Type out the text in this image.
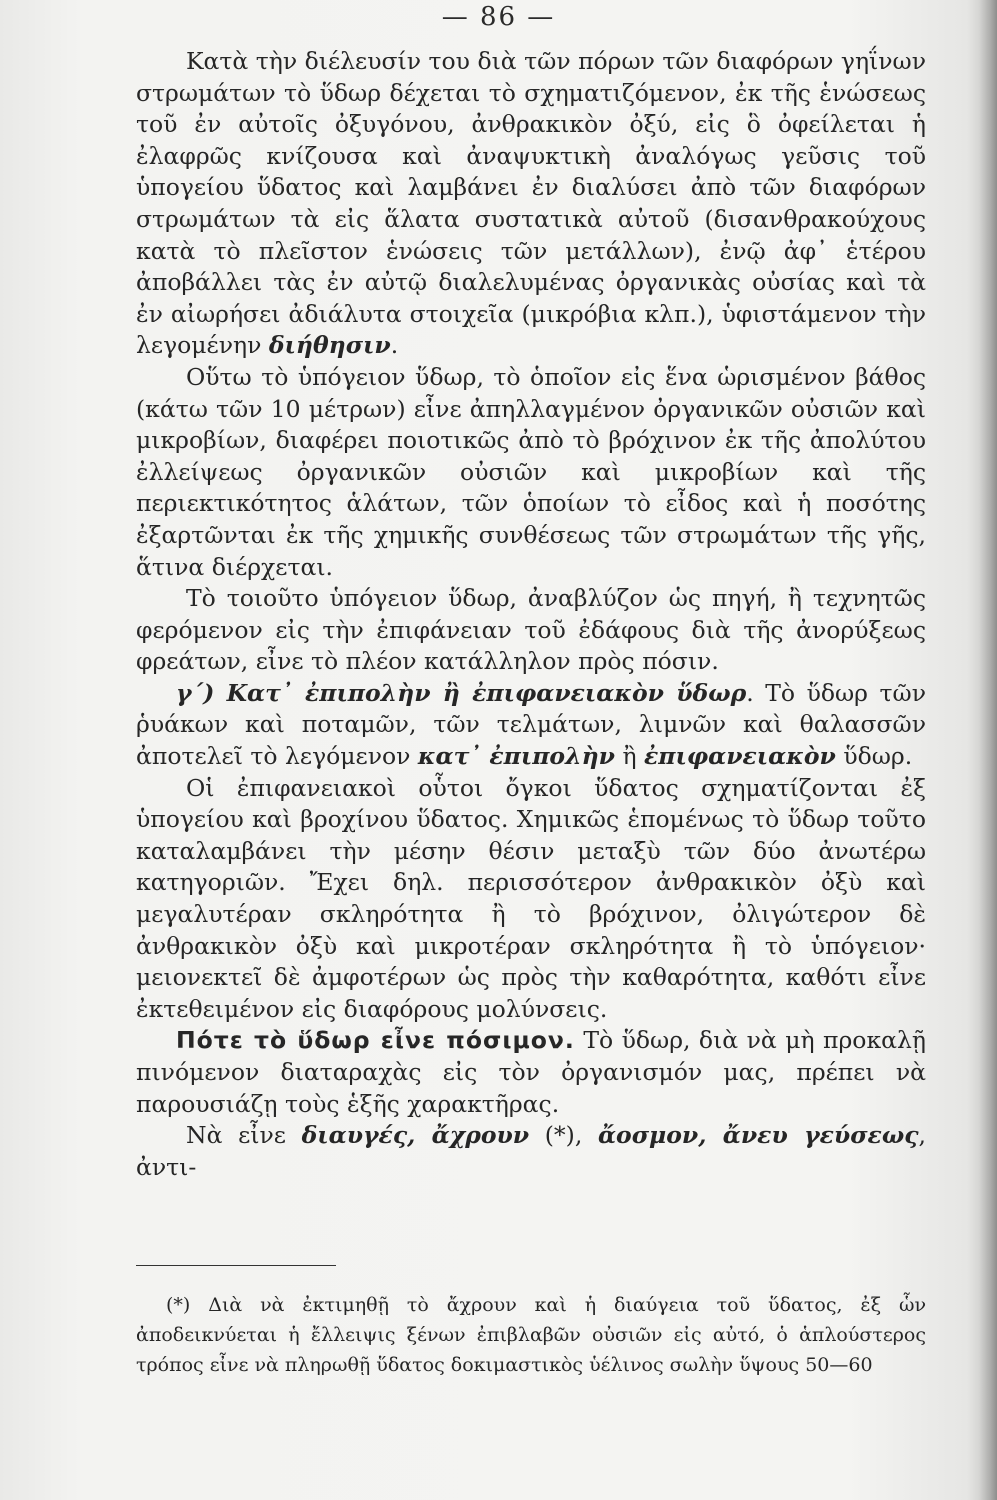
— 86 —

Κατὰ τὴν διέλευσίν του διὰ τῶν πόρων τῶν διαφόρων γηΐνων στρωμάτων τὸ ὕδωρ δέχεται τὸ σχηματιζόμενον, ἐκ τῆς ἑνώσεως τοῦ ἐν αὐτοῖς ὀξυγόνου, ἀνθρακικὸν ὀξύ, εἰς ὃ ὀφείλεται ἡ ἐλαφρῶς κνίζουσα καὶ ἀναψυκτικὴ ἀναλόγως γεῦσις τοῦ ὑπογείου ὕδατος καὶ λαμβάνει ἐν διαλύσει ἀπὸ τῶν διαφόρων στρωμάτων τὰ εἰς ἅλατα συστατικὰ αὐτοῦ (δισανθρακούχους κατὰ τὸ πλεῖστον ἑνώσεις τῶν μετάλλων), ἐνῷ ἀφ᾽ ἑτέρου ἀποβάλλει τὰς ἐν αὐτῷ διαλελυμένας ὀργανικὰς οὐσίας καὶ τὰ ἐν αἰωρήσει ἀδιάλυτα στοιχεῖα (μικρόβια κλπ.), ὑφιστάμενον τὴν λεγομένην διήθησιν.

Οὕτω τὸ ὑπόγειον ὕδωρ, τὸ ὁποῖον εἰς ἕνα ὡρισμένον βάθος (κάτω τῶν 10 μέτρων) εἶνε ἀπηλλαγμένον ὀργανικῶν οὐσιῶν καὶ μικροβίων, διαφέρει ποιοτικῶς ἀπὸ τὸ βρόχινον ἐκ τῆς ἀπολύτου ἐλλείψεως ὀργανικῶν οὐσιῶν καὶ μικροβίων καὶ τῆς περιεκτικότητος ἁλάτων, τῶν ὁποίων τὸ εἶδος καὶ ἡ ποσότης ἐξαρτῶνται ἐκ τῆς χημικῆς συνθέσεως τῶν στρωμάτων τῆς γῆς, ἅτινα διέρχεται.

Τὸ τοιοῦτο ὑπόγειον ὕδωρ, ἀναβλύζον ὡς πηγή, ἢ τεχνητῶς φερόμενον εἰς τὴν ἐπιφάνειαν τοῦ ἐδάφους διὰ τῆς ἀνορύξεως φρεάτων, εἶνε τὸ πλέον κατάλληλον πρὸς πόσιν.

γ´) Κατ᾽ ἐπιπολὴν ἢ ἐπιφανειακὸν ὕδωρ. Τὸ ὕδωρ τῶν ῥυάκων καὶ ποταμῶν, τῶν τελμάτων, λιμνῶν καὶ θαλασσῶν ἀποτελεῖ τὸ λεγόμενον κατ᾽ ἐπιπολὴν ἢ ἐπιφανειακὸν ὕδωρ.

Οἱ ἐπιφανειακοὶ οὗτοι ὄγκοι ὕδατος σχηματίζονται ἐξ ὑπογείου καὶ βροχίνου ὕδατος. Χημικῶς ἑπομένως τὸ ὕδωρ τοῦτο καταλαμβάνει τὴν μέσην θέσιν μεταξὺ τῶν δύο ἀνωτέρω κατηγοριῶν. Ἔχει δηλ. περισσότερον ἀνθρακικὸν ὀξὺ καὶ μεγαλυτέραν σκληρότητα ἢ τὸ βρόχινον, ὀλιγώτερον δὲ ἀνθρακικὸν ὀξὺ καὶ μικροτέραν σκληρότητα ἢ τὸ ὑπόγειον· μειονεκτεῖ δὲ ἀμφοτέρων ὡς πρὸς τὴν καθαρότητα, καθότι εἶνε ἐκτεθειμένον εἰς διαφόρους μολύνσεις.

Πότε τὸ ὕδωρ εἶνε πόσιμον. Τὸ ὕδωρ, διὰ νὰ μὴ προκαλῇ πινόμενον διαταραχὰς εἰς τὸν ὀργανισμόν μας, πρέπει νὰ παρουσιάζῃ τοὺς ἑξῆς χαρακτῆρας.

Νὰ εἶνε διαυγές, ἄχρουν (*), ἄοσμον, ἄνευ γεύσεως, ἀντι-

(*) Διὰ νὰ ἐκτιμηθῇ τὸ ἄχρουν καὶ ἡ διαύγεια τοῦ ὕδατος, ἐξ ὧν ἀποδεικνύεται ἡ ἔλλειψις ξένων ἐπιβλαβῶν οὐσιῶν εἰς αὐτό, ὁ ἁπλούστερος τρόπος εἶνε νὰ πληρωθῇ ὕδατος δοκιμαστικὸς ὑέλινος σωλὴν ὕψους 50—60
